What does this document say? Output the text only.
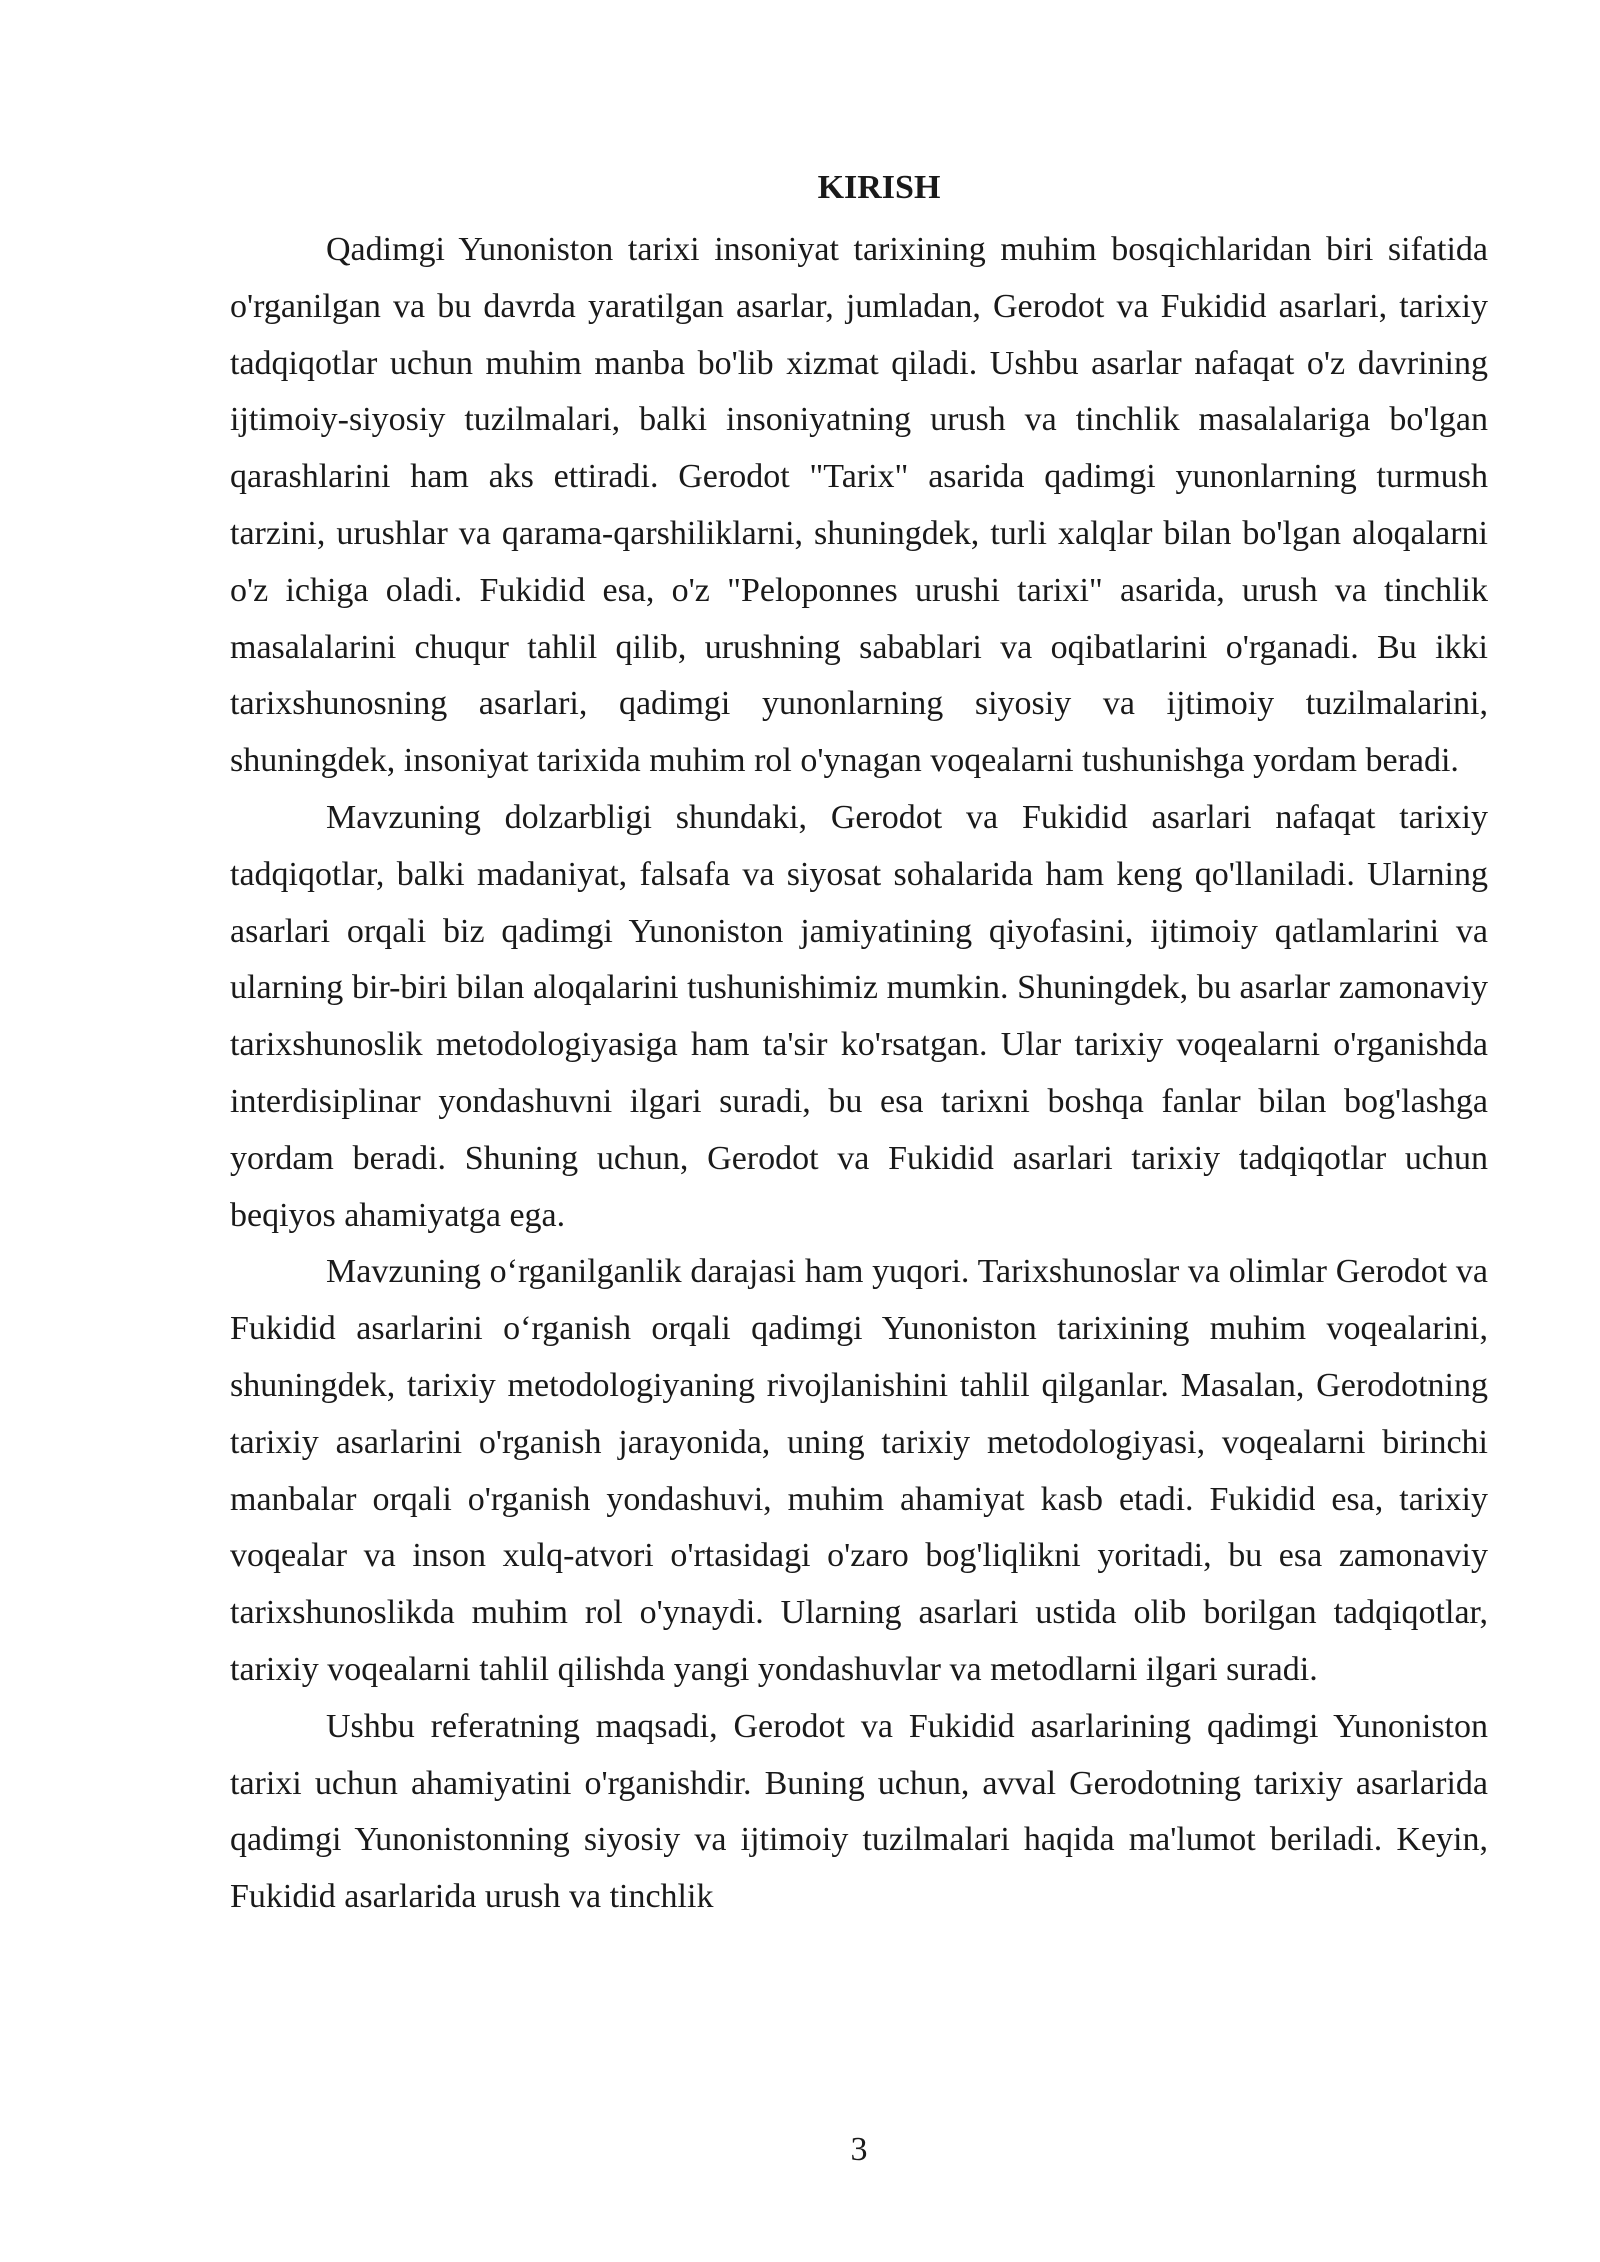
KIRISH

Qadimgi Yunoniston tarixi insoniyat tarixining muhim bosqichlaridan biri sifatida o'rganilgan va bu davrda yaratilgan asarlar, jumladan, Gerodot va Fukidid asarlari, tarixiy tadqiqotlar uchun muhim manba bo'lib xizmat qiladi. Ushbu asarlar nafaqat o'z davrining ijtimoiy-siyosiy tuzilmalari, balki insoniyatning urush va tinchlik masalalariga bo'lgan qarashlarini ham aks ettiradi. Gerodot "Tarix" asarida qadimgi yunonlarning turmush tarzini, urushlar va qarama-qarshiliklarni, shuningdek, turli xalqlar bilan bo'lgan aloqalarni o'z ichiga oladi. Fukidid esa, o'z "Peloponnes urushi tarixi" asarida, urush va tinchlik masalalarini chuqur tahlil qilib, urushning sabablari va oqibatlarini o'rganadi. Bu ikki tarixshunosning asarlari, qadimgi yunonlarning siyosiy va ijtimoiy tuzilmalarini, shuningdek, insoniyat tarixida muhim rol o'ynagan voqealarni tushunishga yordam beradi.

Mavzuning dolzarbligi shundaki, Gerodot va Fukidid asarlari nafaqat tarixiy tadqiqotlar, balki madaniyat, falsafa va siyosat sohalarida ham keng qo'llaniladi. Ularning asarlari orqali biz qadimgi Yunoniston jamiyatining qiyofasini, ijtimoiy qatlamlarini va ularning bir-biri bilan aloqalarini tushunishimiz mumkin. Shuningdek, bu asarlar zamonaviy tarixshunoslik metodologiyasiga ham ta'sir ko'rsatgan. Ular tarixiy voqealarni o'rganishda interdisiplinar yondashuvni ilgari suradi, bu esa tarixni boshqa fanlar bilan bog'lashga yordam beradi. Shuning uchun, Gerodot va Fukidid asarlari tarixiy tadqiqotlar uchun beqiyos ahamiyatga ega.

Mavzuning o‘rganilganlik darajasi ham yuqori. Tarixshunoslar va olimlar Gerodot va Fukidid asarlarini o‘rganish orqali qadimgi Yunoniston tarixining muhim voqealarini, shuningdek, tarixiy metodologiyaning rivojlanishini tahlil qilganlar. Masalan, Gerodotning tarixiy asarlarini o'rganish jarayonida, uning tarixiy metodologiyasi, voqealarni birinchi manbalar orqali o'rganish yondashuvi, muhim ahamiyat kasb etadi. Fukidid esa, tarixiy voqealar va inson xulq-atvori o'rtasidagi o'zaro bog'liqlikni yoritadi, bu esa zamonaviy tarixshunoslikda muhim rol o'ynaydi. Ularning asarlari ustida olib borilgan tadqiqotlar, tarixiy voqealarni tahlil qilishda yangi yondashuvlar va metodlarni ilgari suradi.

Ushbu referatning maqsadi, Gerodot va Fukidid asarlarining qadimgi Yunoniston tarixi uchun ahamiyatini o'rganishdir. Buning uchun, avval Gerodotning tarixiy asarlarida qadimgi Yunonistonning siyosiy va ijtimoiy tuzilmalari haqida ma'lumot beriladi. Keyin, Fukidid asarlarida urush va tinchlik

3
